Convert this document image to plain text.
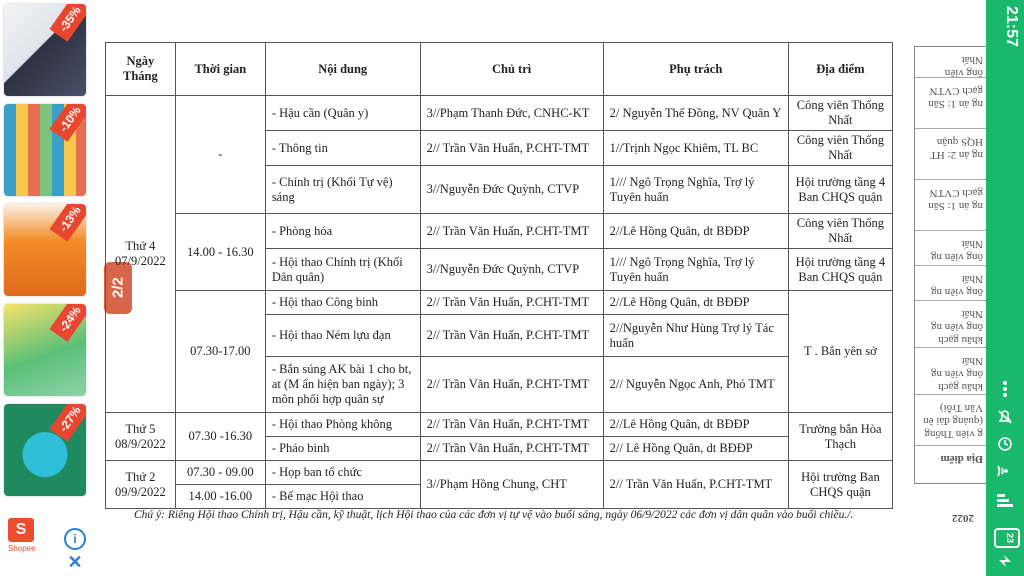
-35%
-10%
-13%
-24%
-27%
S
Shopee
i
✕
2/2
Ngày
Tháng	Thời gian	Nội dung	Chủ trì	Phụ trách	Địa điểm
Thứ 4
07/9/2022	-	- Hậu cần (Quân y)	3//Phạm Thanh Đức, CNHC-KT	2/ Nguyễn Thế Đồng, NV Quân Y	Công viên Thống Nhất
		- Thông tin	2// Trần Văn Huấn, P.CHT-TMT	1//Trịnh Ngọc Khiêm, TL BC	Công viên Thống Nhất
		- Chính trị (Khối Tự vệ) sáng	3//Nguyễn Đức Quỳnh, CTVP	1/// Ngô Trọng Nghĩa, Trợ lý Tuyên huấn	Hội trường tầng 4 Ban CHQS quận
	14.00 - 16.30	- Phòng hóa	2// Trần Văn Huấn, P.CHT-TMT	2//Lê Hồng Quân, dt BĐĐP	Công viên Thống Nhất
		- Hội thao Chính trị (Khối Dân quân)	3//Nguyễn Đức Quỳnh, CTVP	1/// Ngô Trọng Nghĩa, Trợ lý Tuyên huấn	Hội trường tầng 4 Ban CHQS quận
	07.30-17.00	- Hội thao Công binh	2// Trần Văn Huấn, P.CHT-TMT	2//Lê Hồng Quân, dt BĐĐP	T . Bắn yên sở
		- Hội thao Ném lựu đạn	2// Trần Văn Huấn, P.CHT-TMT	2//Nguyễn Như Hùng Trợ lý Tác huấn	
		- Bắn súng AK bài 1 cho bt, at (M ẩn hiện ban ngày); 3 môn phối hợp quân sự	2// Trần Văn Huấn, P.CHT-TMT	2// Nguyễn Ngọc Anh, Phó TMT	
Thứ 5
08/9/2022	07.30 -16.30	- Hội thao Phòng không	2// Trần Văn Huấn, P.CHT-TMT	2//Lê Hồng Quân, dt BĐĐP	Trường bắn Hòa Thạch
		- Pháo binh	2// Trần Văn Huấn, P.CHT-TMT	2// Lê Hồng Quân, dt BĐĐP	
Thứ 2
09/9/2022	07.30 - 09.00	- Họp ban tổ chức	3//Phạm Hồng Chung, CHT	2// Trần Văn Huấn, P.CHT-TMT	Hội trường Ban CHQS quận
	14.00 -16.00	- Bế mạc Hội thao			
Chú ý: Riêng Hội thao Chính trị, Hậu cần, kỹ thuật, lịch Hội thao của các đơn vị tự vệ vào buổi sáng, ngày 06/9/2022 các đơn vị dân quân vào buổi chiều./.
ông viên Nhất
ng án 1: Sân gạch CVTN
ng án 2: HT HQS quận
ng án 1: Sân gạch CVTN
ông viên ng Nhất
ông viên ng Nhất
khâu gạch ông viên ng Nhất
khâu gạch ông viên ng Nhất
g viên Thống (quảng đài ền Văn Trỗi)
Địa điểm
2022
21:57
23
